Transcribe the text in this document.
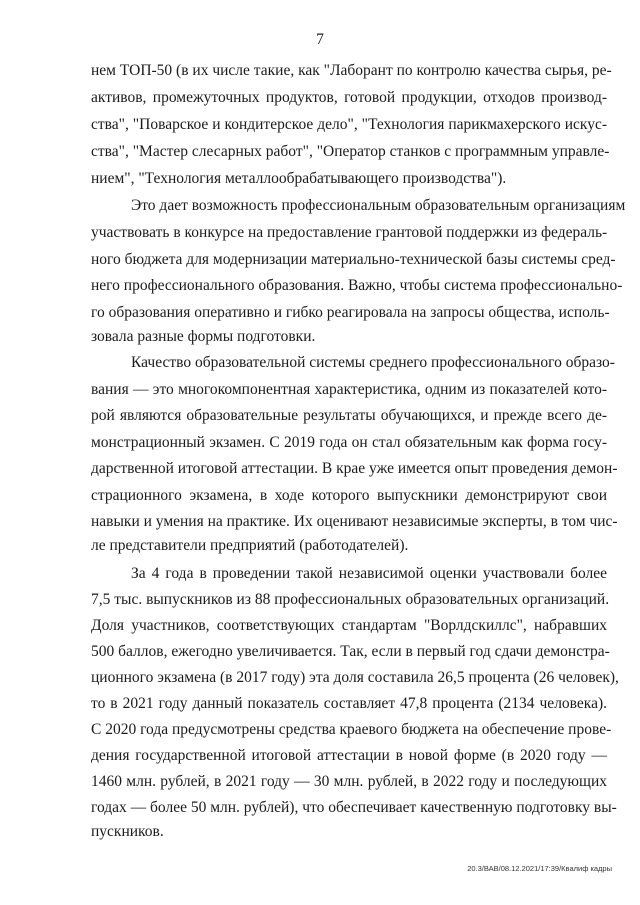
7
нем ТОП-50 (в их числе такие, как "Лаборант по контролю качества сырья, ре-
активов, промежуточных продуктов, готовой продукции, отходов производ-
ства", "Поварское и кондитерское дело", "Технология парикмахерского искус-
ства", "Мастер слесарных работ", "Оператор станков с программным управле-
нием", "Технология металлообрабатывающего производства").
Это дает возможность профессиональным образовательным организациям
участвовать в конкурсе на предоставление грантовой поддержки из федераль-
ного бюджета для модернизации материально-технической базы системы сред-
него профессионального образования. Важно, чтобы система профессионально-
го образования оперативно и гибко реагировала на запросы общества, исполь-
зовала разные формы подготовки.
Качество образовательной системы среднего профессионального образо-
вания — это многокомпонентная характеристика, одним из показателей кото-
рой являются образовательные результаты обучающихся, и прежде всего де-
монстрационный экзамен. С 2019 года он стал обязательным как форма госу-
дарственной итоговой аттестации. В крае уже имеется опыт проведения демон-
страционного экзамена, в ходе которого выпускники демонстрируют свои
навыки и умения на практике. Их оценивают независимые эксперты, в том чис-
ле представители предприятий (работодателей).
За 4 года в проведении такой независимой оценки участвовали более
7,5 тыс. выпускников из 88 профессиональных образовательных организаций.
Доля участников, соответствующих стандартам "Ворлдскиллс", набравших
500 баллов, ежегодно увеличивается. Так, если в первый год сдачи демонстра-
ционного экзамена (в 2017 году) эта доля составила 26,5 процента (26 человек),
то в 2021 году данный показатель составляет 47,8 процента (2134 человека).
С 2020 года предусмотрены средства краевого бюджета на обеспечение прове-
дения государственной итоговой аттестации в новой форме (в 2020 году —
1460 млн. рублей, в 2021 году — 30 млн. рублей, в 2022 году и последующих
годах — более 50 млн. рублей), что обеспечивает качественную подготовку вы-
пускников.
20.3/ВАВ/08.12.2021/17:39/Квалиф кадры
